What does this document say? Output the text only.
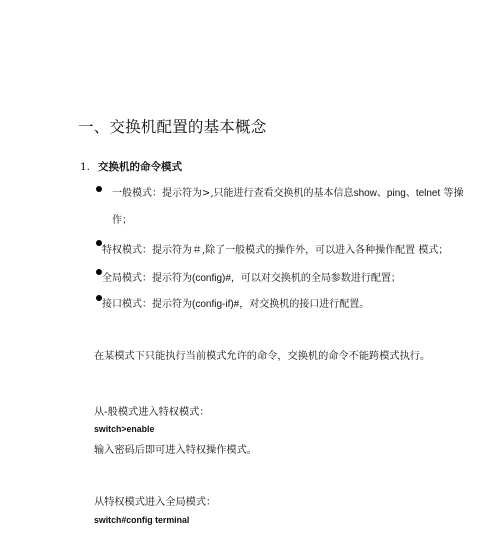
一、交换机配置的基本概念
1. 交换机的命令模式
一般模式：提示符为>,只能进行查看交换机的基本信息show、ping、telnet 等操
作；
特权模式：提示符为＃,除了一般模式的操作外，可以进入各种操作配置 模式；
全局模式：提示符为(config)#，可以对交换机的全局参数进行配置；
接口模式：提示符为(config-if)#，对交换机的接口进行配置。
在某模式下只能执行当前模式允许的命令，交换机的命令不能跨模式执行。
从-般模式进入特权模式：
switch>enable
输入密码后即可进入特权操作模式。
从特权模式进入全局模式：
switch#config terminal
